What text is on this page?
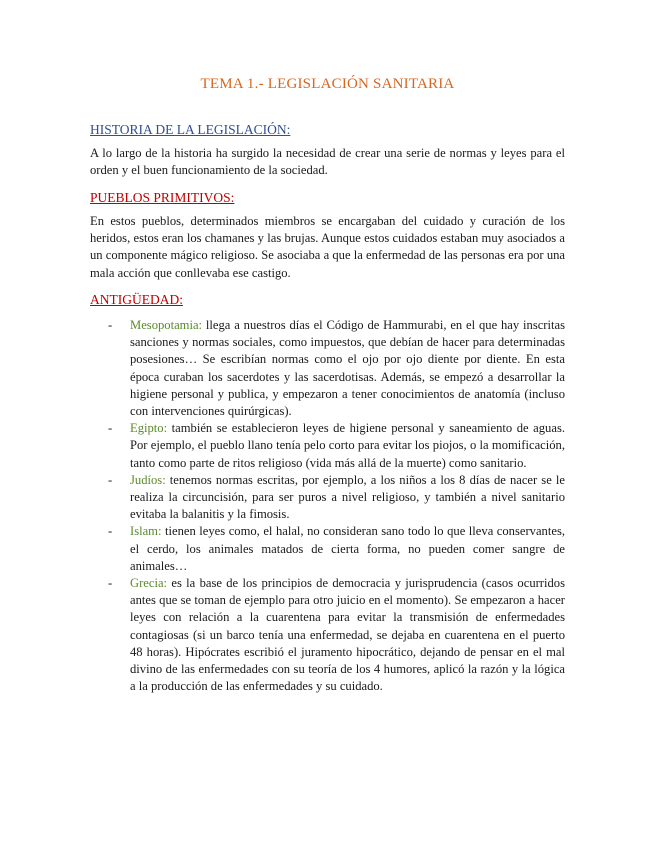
TEMA 1.- LEGISLACIÓN SANITARIA
HISTORIA DE LA LEGISLACIÓN:
A lo largo de la historia ha surgido la necesidad de crear una serie de normas y leyes para el orden y el buen funcionamiento de la sociedad.
PUEBLOS PRIMITIVOS:
En estos pueblos, determinados miembros se encargaban del cuidado y curación de los heridos, estos eran los chamanes y las brujas. Aunque estos cuidados estaban muy asociados a un componente mágico religioso. Se asociaba a que la enfermedad de las personas era por una mala acción que conllevaba ese castigo.
ANTIGÜEDAD:
- Mesopotamia: llega a nuestros días el Código de Hammurabi, en el que hay inscritas sanciones y normas sociales, como impuestos, que debían de hacer para determinadas posesiones… Se escribían normas como el ojo por ojo diente por diente. En esta época curaban los sacerdotes y las sacerdotisas. Además, se empezó a desarrollar la higiene personal y publica, y empezaron a tener conocimientos de anatomía (incluso con intervenciones quirúrgicas).
- Egipto: también se establecieron leyes de higiene personal y saneamiento de aguas. Por ejemplo, el pueblo llano tenía pelo corto para evitar los piojos, o la momificación, tanto como parte de ritos religioso (vida más allá de la muerte) como sanitario.
- Judíos: tenemos normas escritas, por ejemplo, a los niños a los 8 días de nacer se le realiza la circuncisión, para ser puros a nivel religioso, y también a nivel sanitario evitaba la balanitis y la fimosis.
- Islam: tienen leyes como, el halal, no consideran sano todo lo que lleva conservantes, el cerdo, los animales matados de cierta forma, no pueden comer sangre de animales…
- Grecia: es la base de los principios de democracia y jurisprudencia (casos ocurridos antes que se toman de ejemplo para otro juicio en el momento). Se empezaron a hacer leyes con relación a la cuarentena para evitar la transmisión de enfermedades contagiosas (si un barco tenía una enfermedad, se dejaba en cuarentena en el puerto 48 horas). Hipócrates escribió el juramento hipocrático, dejando de pensar en el mal divino de las enfermedades con su teoría de los 4 humores, aplicó la razón y la lógica a la producción de las enfermedades y su cuidado.
